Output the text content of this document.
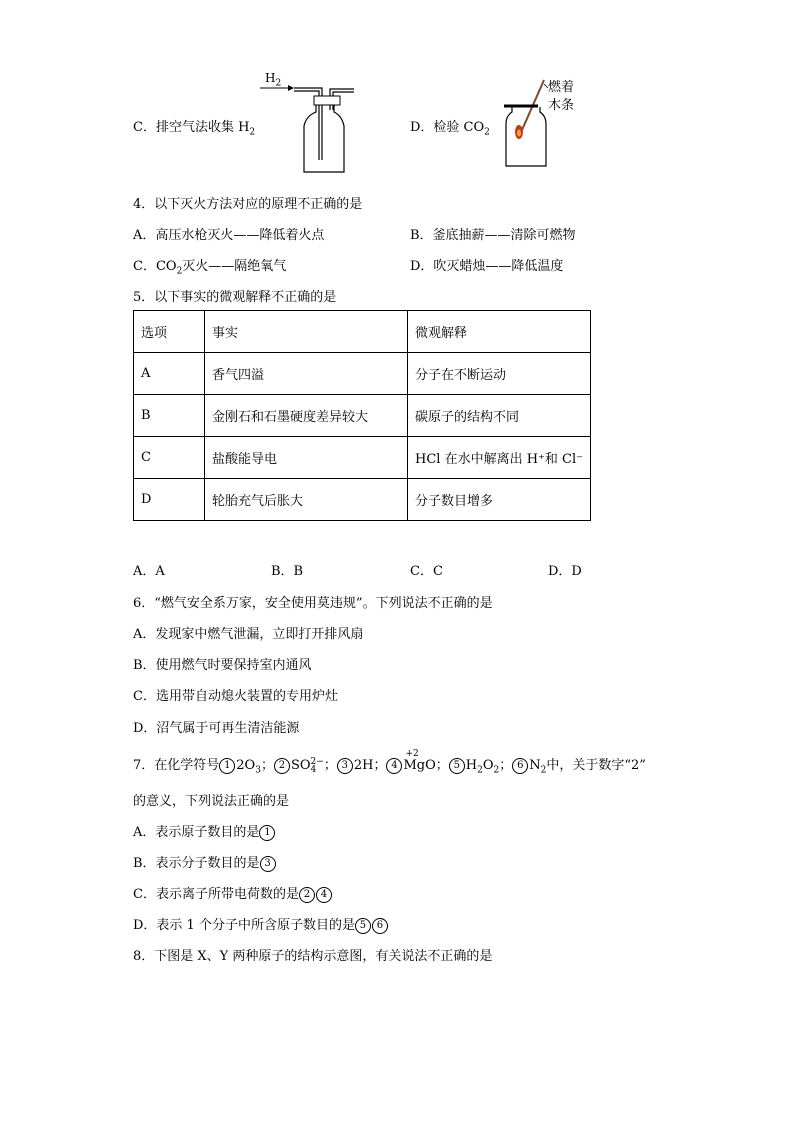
C．排空气法收集 $H_2$
$H_2$
D．检验 $CO_2$
燃着
木条
4．以下灭火方法对应的原理不正确的是
A．高压水枪灭火——降低着火点	B．釜底抽薪——清除可燃物
C．$CO_2$灭火——隔绝氧气	D．吹灭蜡烛——降低温度
5．以下事实的微观解释不正确的是
选项	事实	微观解释
A	香气四溢	分子在不断运动
B	金刚石和石墨硬度差异较大	碳原子的结构不同
C	盐酸能导电	HCl 在水中解离出 H⁺和 Cl⁻
D	轮胎充气后胀大	分子数目增多
A．A	B．B	C．C	D．D
6．“燃气安全系万家，安全使用莫违规”。下列说法不正确的是
A．发现家中燃气泄漏，立即打开排风扇
B．使用燃气时要保持室内通风
C．选用带自动熄火装置的专用炉灶
D．沼气属于可再生清洁能源
7．在化学符号 1 $2O_3$； 2 SO 2−
4 ； 3 2H； 4
+2
MgO； 5 $H_2O_2$； 6 $N_2$中，关于数字“2”
的意义，下列说法正确的是
A．表示原子数目的是 1
B．表示分子数目的是 3
C．表示离子所带电荷数的是 2 4
D．表示 1 个分子中所含原子数目的是 5 6
8．下图是 X、Y 两种原子的结构示意图，有关说法不正确的是
